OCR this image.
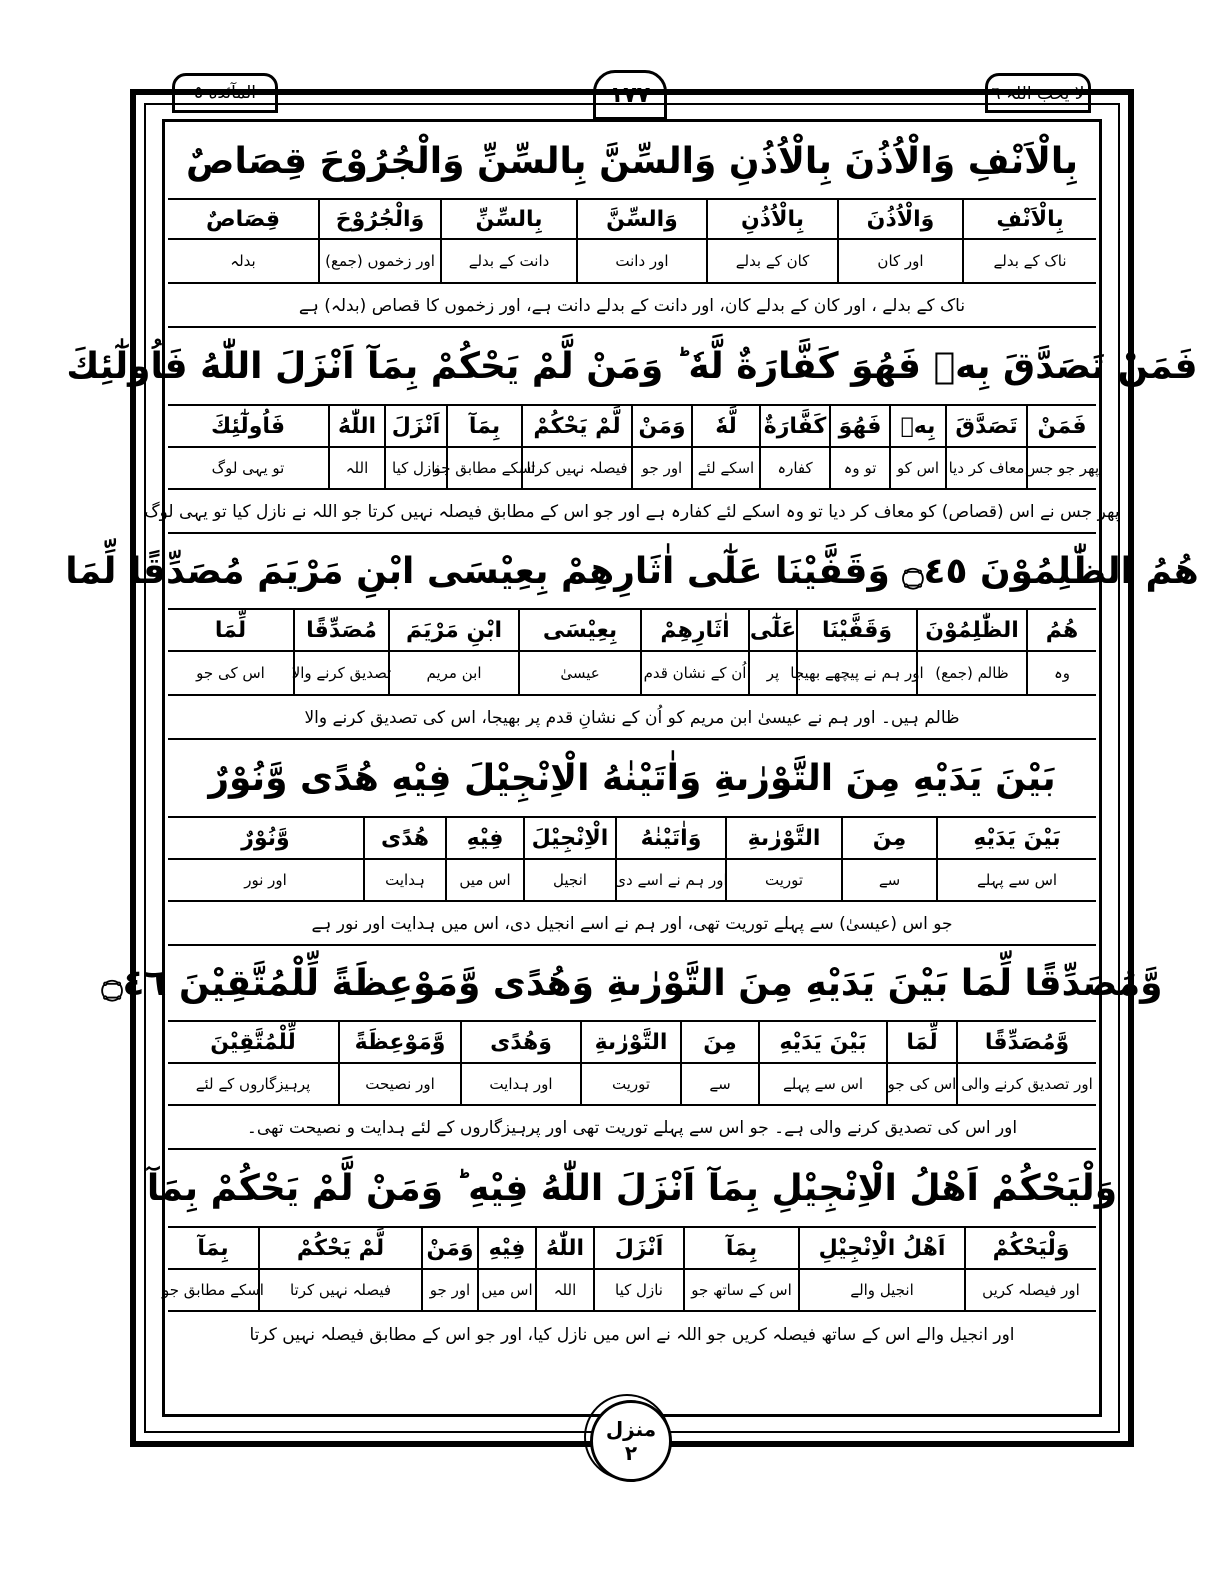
المآئدة ٥	١٧٧	لا یحب اللہ ٦
بِالْاَنْفِ وَالْاُذُنَ بِالْاُذُنِ وَالسِّنَّ بِالسِّنِّ وَالْجُرُوْحَ قِصَاصٌ
بِالْاَنْفِ
وَالْاُذُنَ
بِالْاُذُنِ
وَالسِّنَّ
بِالسِّنِّ
وَالْجُرُوْحَ
قِصَاصٌ
ناک کے بدلے
اور کان
کان کے بدلے
اور دانت
دانت کے بدلے
اور زخموں (جمع)
بدلہ
ناک کے بدلے ، اور کان کے بدلے کان، اور دانت کے بدلے دانت ہے، اور زخموں کا قصاص (بدلہ) ہے
فَمَنْ تَصَدَّقَ بِهٖ فَهُوَ كَفَّارَةٌ لَّهٗ ؕ وَمَنْ لَّمْ يَحْكُمْ بِمَآ اَنْزَلَ اللّٰهُ فَاُولٰٓئِكَ
فَمَنْ
تَصَدَّقَ
بِهٖ
فَهُوَ
كَفَّارَةٌ
لَّهٗ
وَمَنْ
لَّمْ يَحْكُمْ
بِمَآ
اَنْزَلَ
اللّٰهُ
فَاُولٰٓئِكَ
پھر جو جس
معاف کر دیا
اس کو
تو وہ
کفارہ
اسکے لئے
اور جو
فیصلہ نہیں کرتا
اسکے مطابق جو
نازل کیا
اللہ
تو یہی لوگ
پھر جس نے اس (قصاص) کو معاف کر دیا تو وہ اسکے لئے کفارہ ہے اور جو اس کے مطابق فیصلہ نہیں کرتا جو اللہ نے نازل کیا تو یہی لوگ
هُمُ الظّٰلِمُوْنَ ۝٤٥ وَقَفَّيْنَا عَلٰٓى اٰثَارِهِمْ بِعِيْسَى ابْنِ مَرْيَمَ مُصَدِّقًا لِّمَا
هُمُ
الظّٰلِمُوْنَ
وَقَفَّيْنَا
عَلٰٓى
اٰثَارِهِمْ
بِعِيْسَى
ابْنِ مَرْيَمَ
مُصَدِّقًا
لِّمَا
وہ
ظالم (جمع)
اور ہم نے پیچھے بھیجا
پر
اُن کے نشان قدم
عیسیٰ
ابن مریم
تصدیق کرنے والا
اس کی جو
ظالم ہیں۔ اور ہم نے عیسیٰ ابن مریم کو اُن کے نشانِ قدم پر بھیجا، اس کی تصدیق کرنے والا
بَيْنَ يَدَيْهِ مِنَ التَّوْرٰىةِ وَاٰتَيْنٰهُ الْاِنْجِيْلَ فِيْهِ هُدًى وَّنُوْرٌ
بَيْنَ يَدَيْهِ
مِنَ
التَّوْرٰىةِ
وَاٰتَيْنٰهُ
الْاِنْجِيْلَ
فِيْهِ
هُدًى
وَّنُوْرٌ
اس سے پہلے
سے
توریت
اور ہم نے اسے دی
انجیل
اس میں
ہدایت
اور نور
جو اس (عیسیٰ) سے پہلے توریت تھی، اور ہم نے اسے انجیل دی، اس میں ہدایت اور نور ہے
وَّمُصَدِّقًا لِّمَا بَيْنَ يَدَيْهِ مِنَ التَّوْرٰىةِ وَهُدًى وَّمَوْعِظَةً لِّلْمُتَّقِيْنَ ۝٤٦
وَّمُصَدِّقًا
لِّمَا
بَيْنَ يَدَيْهِ
مِنَ
التَّوْرٰىةِ
وَهُدًى
وَّمَوْعِظَةً
لِّلْمُتَّقِيْنَ
اور تصدیق کرنے والی
اس کی جو
اس سے پہلے
سے
توریت
اور ہدایت
اور نصیحت
پرہیزگاروں کے لئے
اور اس کی تصدیق کرنے والی ہے۔ جو اس سے پہلے توریت تھی اور پرہیزگاروں کے لئے ہدایت و نصیحت تھی۔
وَلْيَحْكُمْ اَهْلُ الْاِنْجِيْلِ بِمَآ اَنْزَلَ اللّٰهُ فِيْهِ ؕ وَمَنْ لَّمْ يَحْكُمْ بِمَآ
وَلْيَحْكُمْ
اَهْلُ الْاِنْجِيْلِ
بِمَآ
اَنْزَلَ
اللّٰهُ
فِيْهِ
وَمَنْ
لَّمْ يَحْكُمْ
بِمَآ
اور فیصلہ کریں
انجیل والے
اس کے ساتھ جو
نازل کیا
اللہ
اس میں
اور جو
فیصلہ نہیں کرتا
اسکے مطابق جو
اور انجیل والے اس کے ساتھ فیصلہ کریں جو اللہ نے اس میں نازل کیا، اور جو اس کے مطابق فیصلہ نہیں کرتا
منزل
٢
